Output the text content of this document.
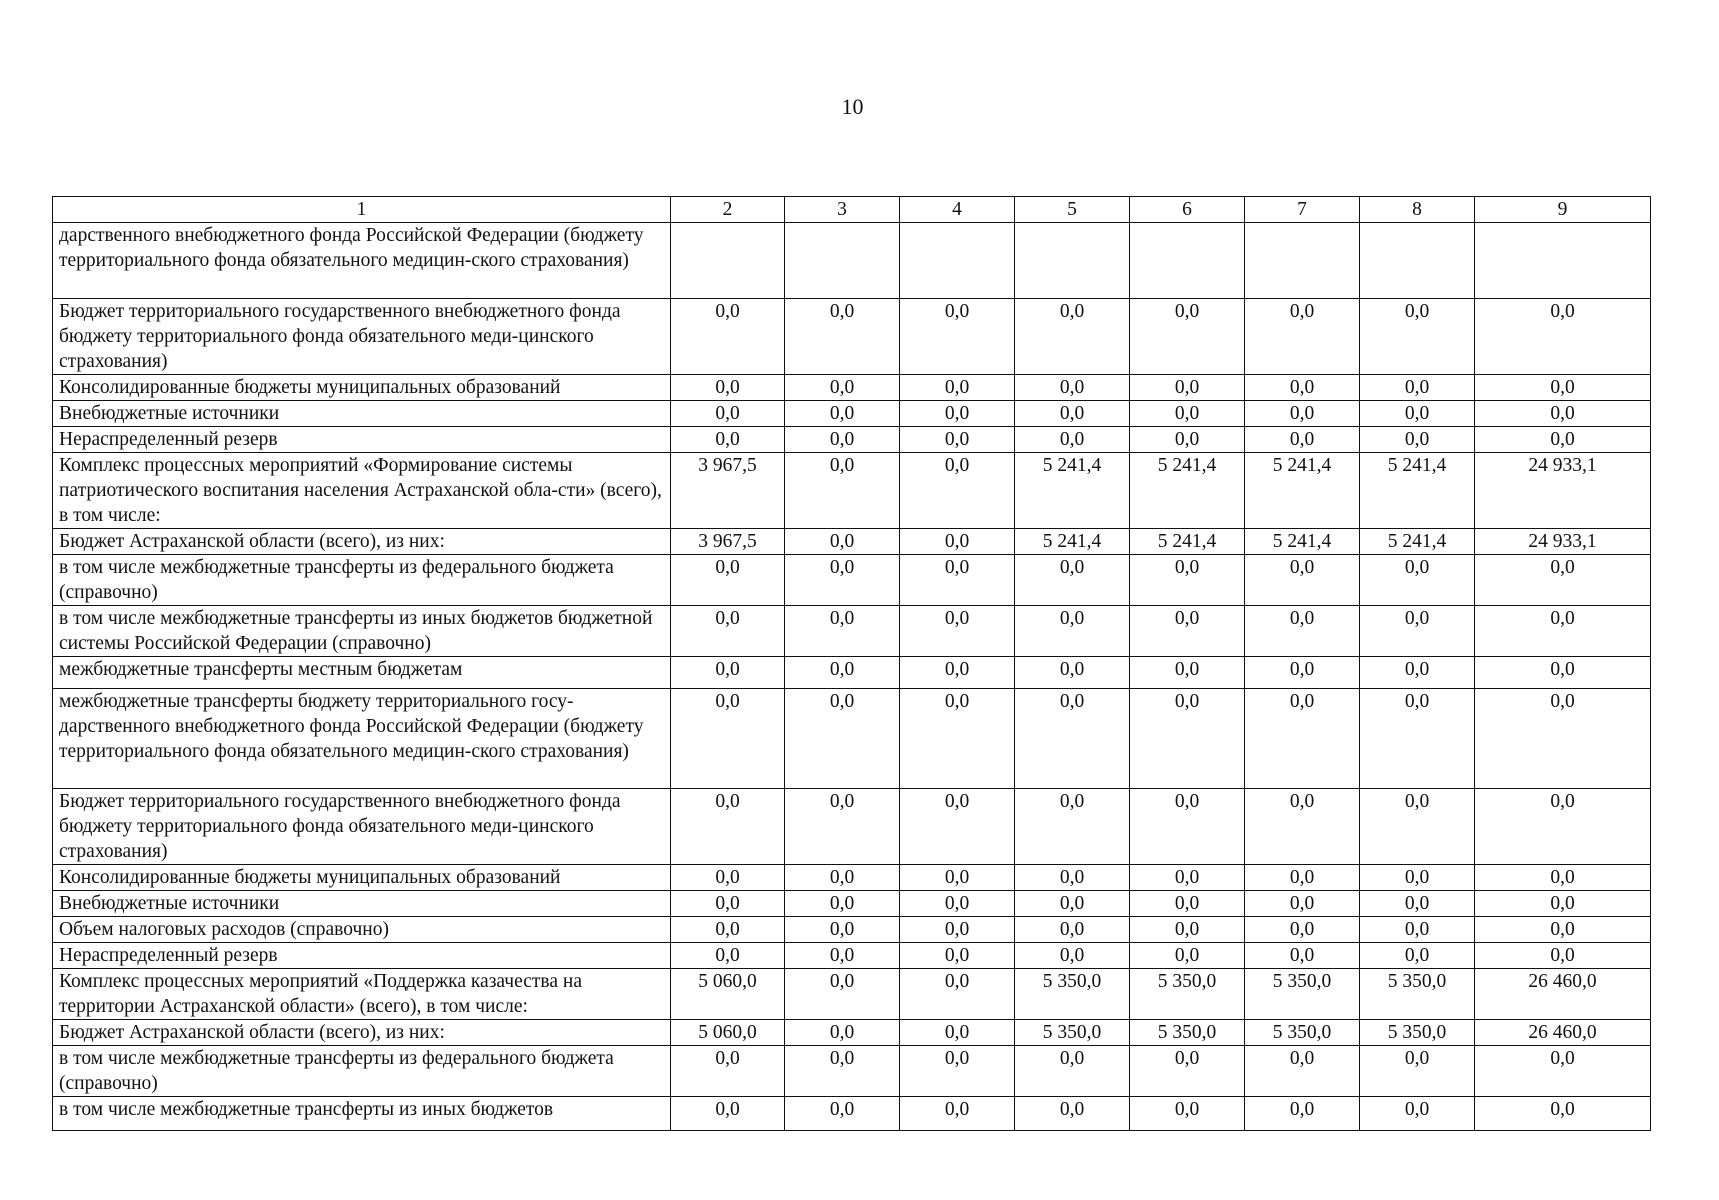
10
1	2	3	4	5	6	7	8	9
дарственного внебюджетного фонда Российской Федерации (бюджету территориального фонда обязательного медицин-ского страхования)								
Бюджет территориального государственного внебюджетного фонда бюджету территориального фонда обязательного меди-цинского страхования)	0,0	0,0	0,0	0,0	0,0	0,0	0,0	0,0
Консолидированные бюджеты муниципальных образований	0,0	0,0	0,0	0,0	0,0	0,0	0,0	0,0
Внебюджетные источники	0,0	0,0	0,0	0,0	0,0	0,0	0,0	0,0
Нераспределенный резерв	0,0	0,0	0,0	0,0	0,0	0,0	0,0	0,0
Комплекс процессных мероприятий «Формирование системы патриотического воспитания населения Астраханской обла-сти» (всего), в том числе:	3 967,5	0,0	0,0	5 241,4	5 241,4	5 241,4	5 241,4	24 933,1
Бюджет Астраханской области (всего), из них:	3 967,5	0,0	0,0	5 241,4	5 241,4	5 241,4	5 241,4	24 933,1
в том числе межбюджетные трансферты из федерального бюджета (справочно)	0,0	0,0	0,0	0,0	0,0	0,0	0,0	0,0
в том числе межбюджетные трансферты из иных бюджетов бюджетной системы Российской Федерации (справочно)	0,0	0,0	0,0	0,0	0,0	0,0	0,0	0,0
межбюджетные трансферты местным бюджетам	0,0	0,0	0,0	0,0	0,0	0,0	0,0	0,0
межбюджетные трансферты бюджету территориального госу-дарственного внебюджетного фонда Российской Федерации (бюджету территориального фонда обязательного медицин-ского страхования)	0,0	0,0	0,0	0,0	0,0	0,0	0,0	0,0
Бюджет территориального государственного внебюджетного фонда бюджету территориального фонда обязательного меди-цинского страхования)	0,0	0,0	0,0	0,0	0,0	0,0	0,0	0,0
Консолидированные бюджеты муниципальных образований	0,0	0,0	0,0	0,0	0,0	0,0	0,0	0,0
Внебюджетные источники	0,0	0,0	0,0	0,0	0,0	0,0	0,0	0,0
Объем налоговых расходов (справочно)	0,0	0,0	0,0	0,0	0,0	0,0	0,0	0,0
Нераспределенный резерв	0,0	0,0	0,0	0,0	0,0	0,0	0,0	0,0
Комплекс процессных мероприятий «Поддержка казачества на территории Астраханской области» (всего), в том числе:	5 060,0	0,0	0,0	5 350,0	5 350,0	5 350,0	5 350,0	26 460,0
Бюджет Астраханской области (всего), из них:	5 060,0	0,0	0,0	5 350,0	5 350,0	5 350,0	5 350,0	26 460,0
в том числе межбюджетные трансферты из федерального бюджета (справочно)	0,0	0,0	0,0	0,0	0,0	0,0	0,0	0,0
в том числе межбюджетные трансферты из иных бюджетов	0,0	0,0	0,0	0,0	0,0	0,0	0,0	0,0
